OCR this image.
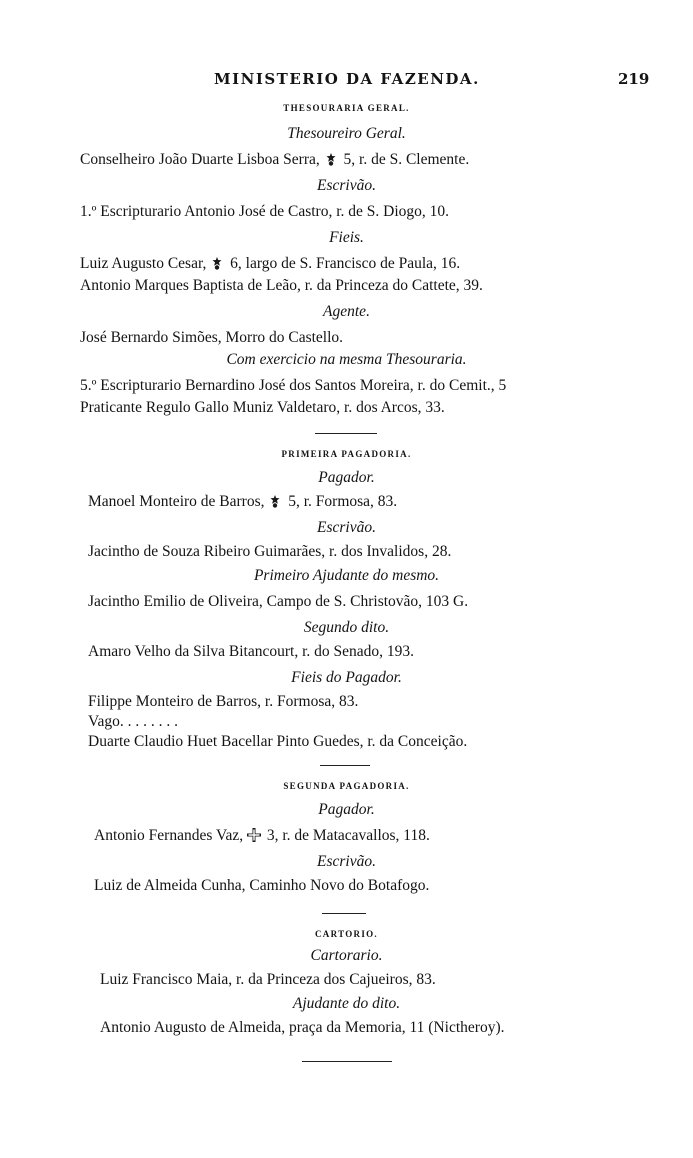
MINISTERIO DA FAZENDA.	219
THESOURARIA GERAL.
Thesoureiro Geral.
Conselheiro João Duarte Lisboa Serra, 5, r. de S. Clemente.
Escrivão.
1.º Escripturario Antonio José de Castro, r. de S. Diogo, 10.
Fieis.
Luiz Augusto Cesar, 6, largo de S. Francisco de Paula, 16.
Antonio Marques Baptista de Leão, r. da Princeza do Cattete, 39.
Agente.
José Bernardo Simões, Morro do Castello.
Com exercicio na mesma Thesouraria.
5.º Escripturario Bernardino José dos Santos Moreira, r. do Cemit., 5
Praticante Regulo Gallo Muniz Valdetaro, r. dos Arcos, 33.
PRIMEIRA PAGADORIA.
Pagador.
Manoel Monteiro de Barros, 5, r. Formosa, 83.
Escrivão.
Jacintho de Souza Ribeiro Guimarães, r. dos Invalidos, 28.
Primeiro Ajudante do mesmo.
Jacintho Emilio de Oliveira, Campo de S. Christovão, 103 G.
Segundo dito.
Amaro Velho da Silva Bitancourt, r. do Senado, 193.
Fieis do Pagador.
Filippe Monteiro de Barros, r. Formosa, 83.
Vago. . . . . . . .
Duarte Claudio Huet Bacellar Pinto Guedes, r. da Conceição.
SEGUNDA PAGADORIA.
Pagador.
Antonio Fernandes Vaz, 3, r. de Matacavallos, 118.
Escrivão.
Luiz de Almeida Cunha, Caminho Novo do Botafogo.
CARTORIO.
Cartorario.
Luiz Francisco Maia, r. da Princeza dos Cajueiros, 83.
Ajudante do dito.
Antonio Augusto de Almeida, praça da Memoria, 11 (Nictheroy).
